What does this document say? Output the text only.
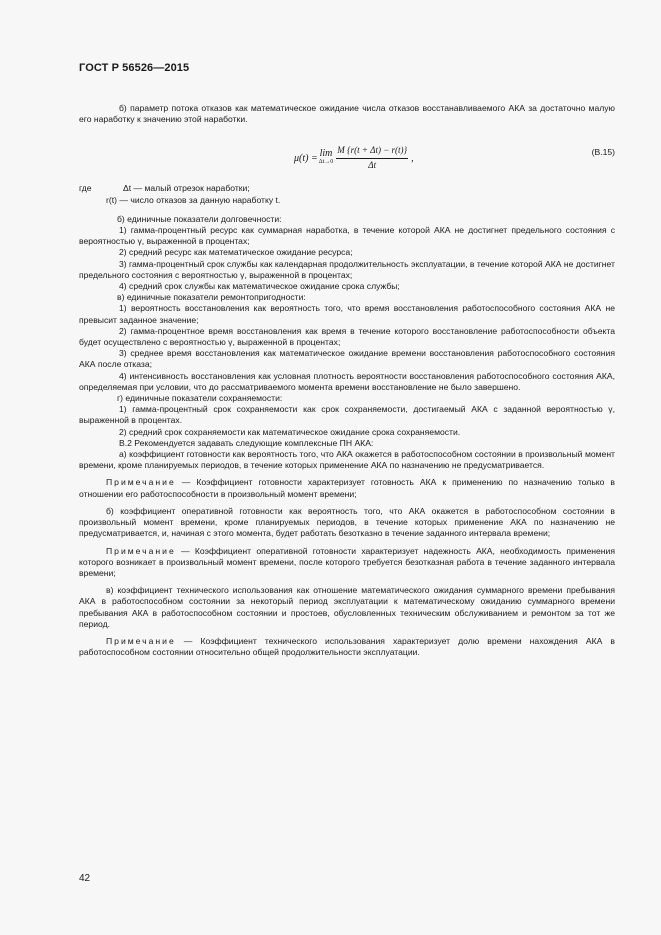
ГОСТ Р 56526—2015

б) параметр потока отказов как математическое ожидание числа отказов восстанавливаемого АКА за достаточно малую его наработку к значению этой наработки.

μ(t) = lim
$\Delta t\to 0 \frac{M \{r(t + \Delta t) - r(t)\}}{\Delta t}$ ,
(В.15)
где	Δt — малый отрезок наработки;
r(t) — число отказов за данную наработку t.

б) единичные показатели долговечности:

1) гамма-процентный ресурс как суммарная наработка, в течение которой АКА не достигнет предельного состояния с вероятностью γ, выраженной в процентах;

2) средний ресурс как математическое ожидание ресурса;

3) гамма-процентный срок службы как календарная продолжительность эксплуатации, в течение которой АКА не достигнет предельного состояния с вероятностью γ, выраженной в процентах;

4) средний срок службы как математическое ожидание срока службы;

в) единичные показатели ремонтопригодности:

1) вероятность восстановления как вероятность того, что время восстановления работоспособного состояния АКА не превысит заданное значение;

2) гамма-процентное время восстановления как время в течение которого восстановление работоспособности объекта будет осуществлено с вероятностью γ, выраженной в процентах;

3) среднее время восстановления как математическое ожидание времени восстановления работоспособного состояния АКА после отказа;

4) интенсивность восстановления как условная плотность вероятности восстановления работоспособного состояния АКА, определяемая при условии, что до рассматриваемого момента времени восстановление не было завершено.

г) единичные показатели сохраняемости:

1) гамма-процентный срок сохраняемости как срок сохраняемости, достигаемый АКА с заданной вероятностью γ, выраженной в процентах.

2) средний срок сохраняемости как математическое ожидание срока сохраняемости.

В.2 Рекомендуется задавать следующие комплексные ПН АКА:

а) коэффициент готовности как вероятность того, что АКА окажется в работоспособном состоянии в произвольный момент времени, кроме планируемых периодов, в течение которых применение АКА по назначению не предусматривается.

Примечание — Коэффициент готовности характеризует готовность АКА к применению по назначению только в отношении его работоспособности в произвольный момент времени;

б) коэффициент оперативной готовности как вероятность того, что АКА окажется в работоспособном состоянии в произвольный момент времени, кроме планируемых периодов, в течение которых применение АКА по назначению не предусматривается, и, начиная с этого момента, будет работать безотказно в течение заданного интервала времени;

Примечание — Коэффициент оперативной готовности характеризует надежность АКА, необходимость применения которого возникает в произвольный момент времени, после которого требуется безотказная работа в течение заданного интервала времени;

в) коэффициент технического использования как отношение математического ожидания суммарного времени пребывания АКА в работоспособном состоянии за некоторый период эксплуатации к математическому ожиданию суммарного времени пребывания АКА в работоспособном состоянии и простоев, обусловленных техническим обслуживанием и ремонтом за тот же период.

Примечание — Коэффициент технического использования характеризует долю времени нахождения АКА в работоспособном состоянии относительно общей продолжительности эксплуатации.

42
